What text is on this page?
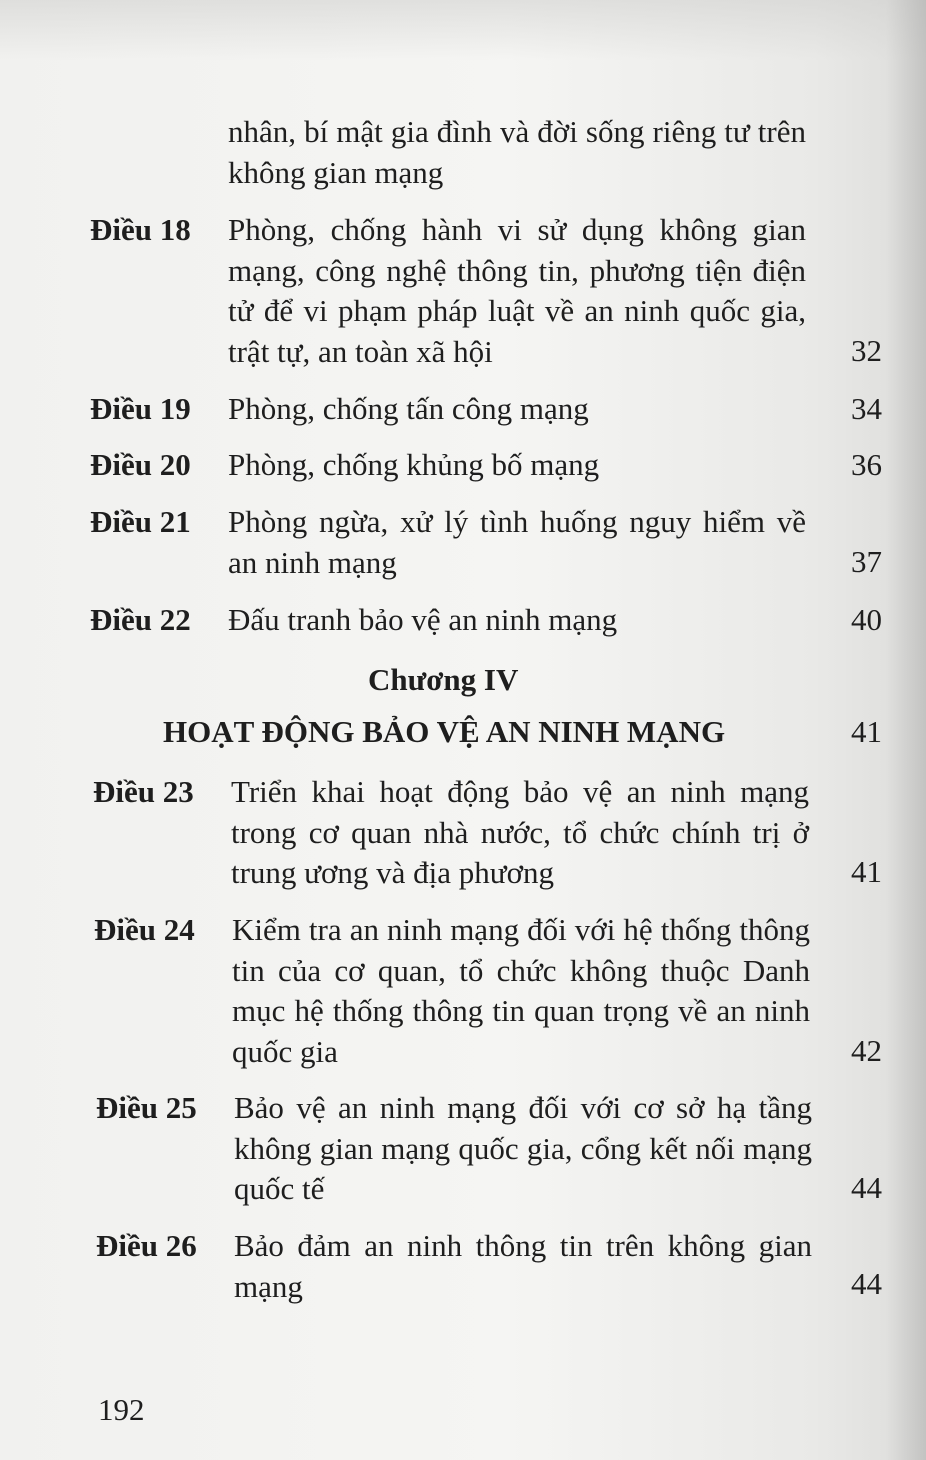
nhân, bí mật gia đình và đời sống riêng tư trên không gian mạng
Điều 18 Phòng, chống hành vi sử dụng không gian mạng, công nghệ thông tin, phương tiện điện tử để vi phạm pháp luật về an ninh quốc gia, trật tự, an toàn xã hội	32
Điều 19 Phòng, chống tấn công mạng	34
Điều 20 Phòng, chống khủng bố mạng	36
Điều 21 Phòng ngừa, xử lý tình huống nguy hiểm về an ninh mạng	37
Điều 22 Đấu tranh bảo vệ an ninh mạng	40
Chương IV
HOẠT ĐỘNG BẢO VỆ AN NINH MẠNG	41
Điều 23 Triển khai hoạt động bảo vệ an ninh mạng trong cơ quan nhà nước, tổ chức chính trị ở trung ương và địa phương	41
Điều 24 Kiểm tra an ninh mạng đối với hệ thống thông tin của cơ quan, tổ chức không thuộc Danh mục hệ thống thông tin quan trọng về an ninh quốc gia	42
Điều 25 Bảo vệ an ninh mạng đối với cơ sở hạ tầng không gian mạng quốc gia, cổng kết nối mạng quốc tế	44
Điều 26 Bảo đảm an ninh thông tin trên không gian mạng	44
192
